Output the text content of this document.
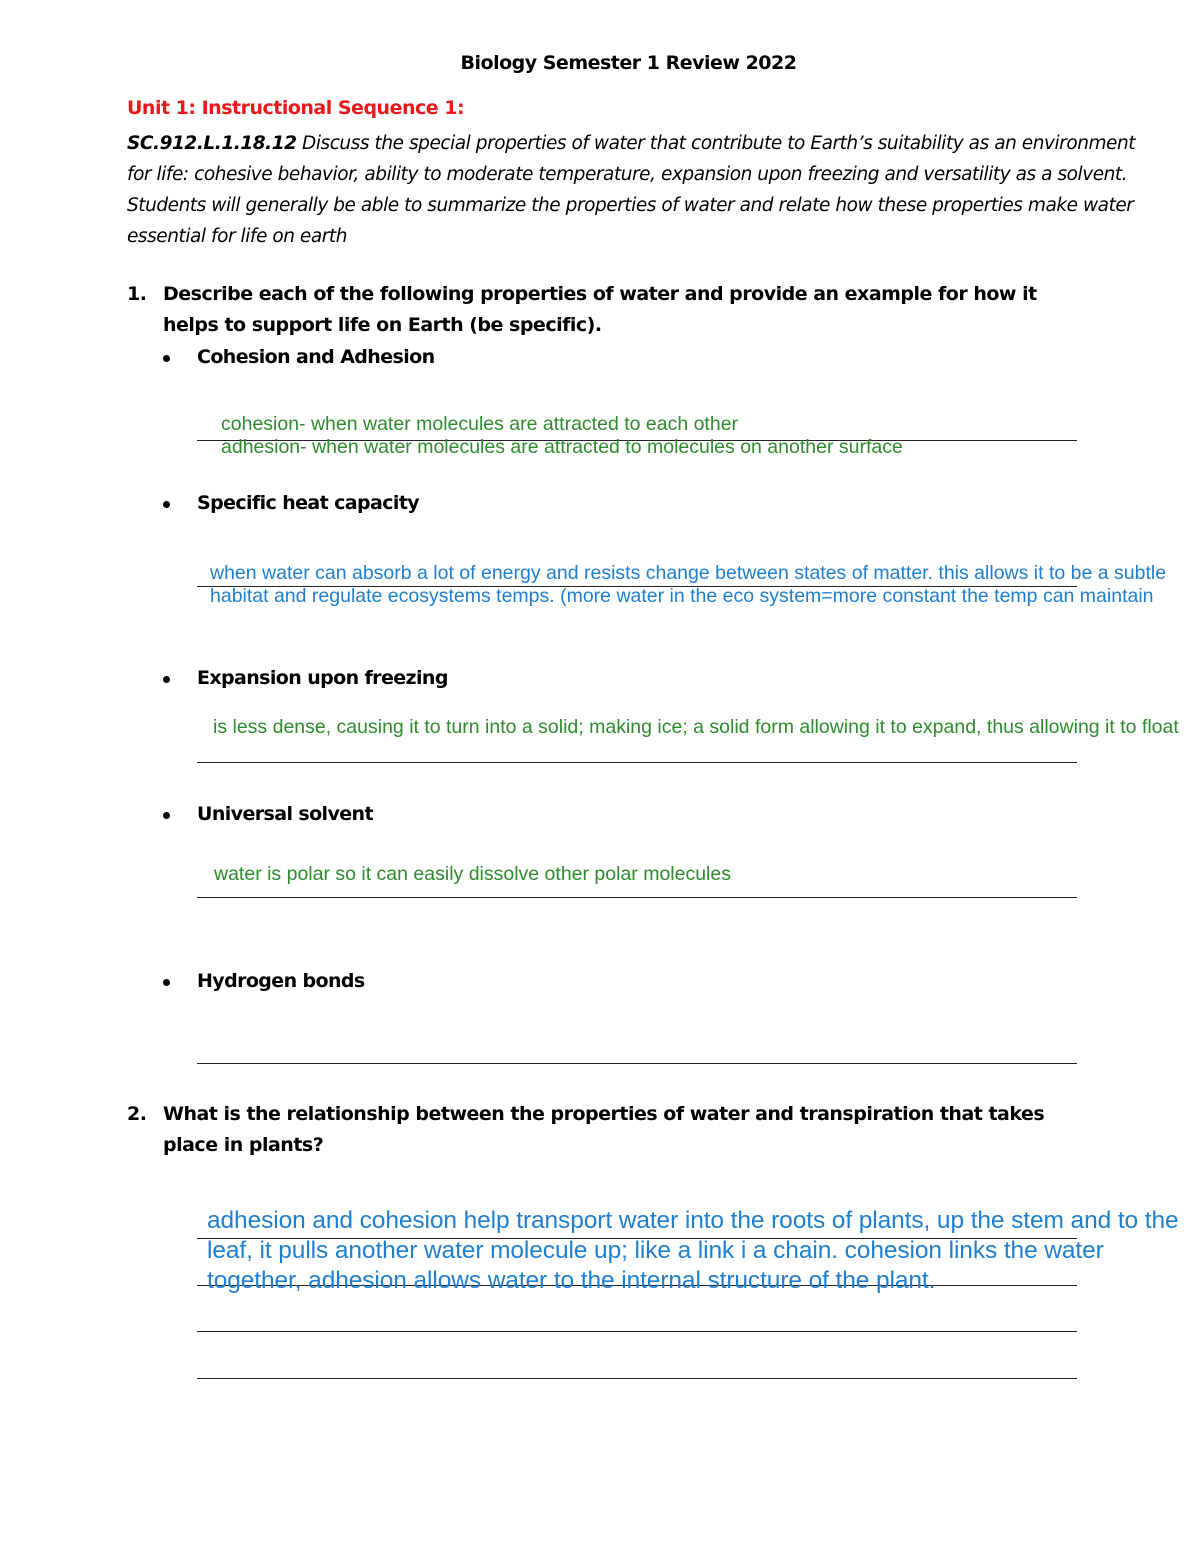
Biology Semester 1 Review 2022
Unit 1: Instructional Sequence 1:
SC.912.L.1.18.12 Discuss the special properties of water that contribute to Earth’s suitability as an environment for life: cohesive behavior, ability to moderate temperature, expansion upon freezing and versatility as a solvent. Students will generally be able to summarize the properties of water and relate how these properties make water essential for life on earth
1. Describe each of the following properties of water and provide an example for how it helps to support life on Earth (be specific).
Cohesion and Adhesion
cohesion- when water molecules are attracted to each other
adhesion- when water molecules are attracted to molecules on another surface
Specific heat capacity
when water can absorb a lot of energy and resists change between states of matter. this allows it to be a subtle habitat and regulate ecosystems temps. (more water in the eco system=more constant the temp can maintain
Expansion upon freezing
is less dense, causing it to turn into a solid; making ice; a solid form allowing it to expand, thus allowing it to float
Universal solvent
water is polar so it can easily dissolve other polar molecules
Hydrogen bonds
2. What is the relationship between the properties of water and transpiration that takes place in plants?
adhesion and cohesion help transport water into the roots of plants, up the stem and to the leaf, it pulls another water molecule up; like a link i a chain. cohesion links the water together, adhesion allows water to the internal structure of the plant.
